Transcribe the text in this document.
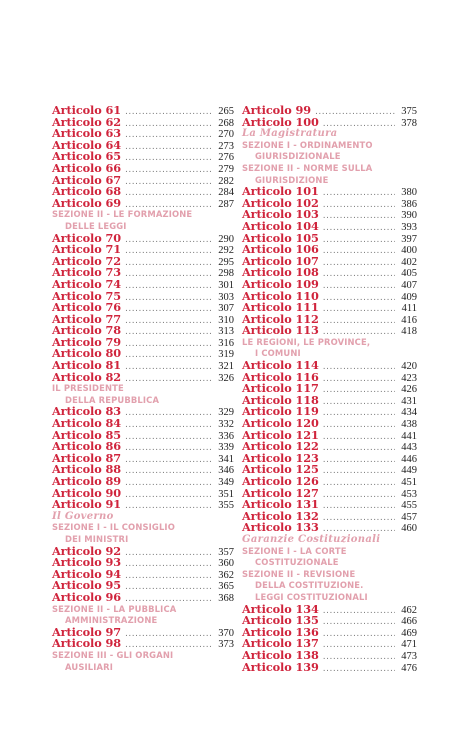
Articolo 61 .....	265
Articolo 62 .....	268
Articolo 63 .....	270
Articolo 64 .....	273
Articolo 65 .....	276
Articolo 66 .....	279
Articolo 67 .....	282
Articolo 68 .....	284
Articolo 69 .....	287
SEZIONE II - LE FORMAZIONE
DELLE LEGGI
Articolo 70 .....	290
Articolo 71 .....	292
Articolo 72 .....	295
Articolo 73 .....	298
Articolo 74 .....	301
Articolo 75 .....	303
Articolo 76 .....	307
Articolo 77 .....	310
Articolo 78 .....	313
Articolo 79 .....	316
Articolo 80 .....	319
Articolo 81 .....	321
Articolo 82 .....	326
IL PRESIDENTE
DELLA REPUBBLICA
Articolo 83 .....	329
Articolo 84 .....	332
Articolo 85 .....	336
Articolo 86 .....	339
Articolo 87 .....	341
Articolo 88 .....	346
Articolo 89 .....	349
Articolo 90 .....	351
Articolo 91 .....	355
Il Governo
SEZIONE I - IL CONSIGLIO
DEI MINISTRI
Articolo 92 .....	357
Articolo 93 .....	360
Articolo 94 .....	362
Articolo 95 .....	365
Articolo 96 .....	368
SEZIONE II - LA PUBBLICA
AMMINISTRAZIONE
Articolo 97 .....	370
Articolo 98 .....	373
SEZIONE III - GLI ORGANI
AUSILIARI
Articolo 99 .....	375
Articolo 100 .....	378
La Magistratura
SEZIONE I - ORDINAMENTO
GIURISDIZIONALE
SEZIONE II - NORME SULLA
GIURISDIZIONE
Articolo 101 .....	380
Articolo 102 .....	386
Articolo 103 .....	390
Articolo 104 .....	393
Articolo 105 .....	397
Articolo 106 .....	400
Articolo 107 .....	402
Articolo 108 .....	405
Articolo 109 .....	407
Articolo 110 .....	409
Articolo 111 .....	411
Articolo 112 .....	416
Articolo 113 .....	418
LE REGIONI, LE PROVINCE,
I COMUNI
Articolo 114 .....	420
Articolo 116 .....	423
Articolo 117 .....	426
Articolo 118 .....	431
Articolo 119 .....	434
Articolo 120 .....	438
Articolo 121 .....	441
Articolo 122 .....	443
Articolo 123 .....	446
Articolo 125 .....	449
Articolo 126 .....	451
Articolo 127 .....	453
Articolo 131 .....	455
Articolo 132 .....	457
Articolo 133 .....	460
Garanzie Costituzionali
SEZIONE I - LA CORTE
COSTITUZIONALE
SEZIONE II - REVISIONE
DELLA COSTITUZIONE.
LEGGI COSTITUZIONALI
Articolo 134 .....	462
Articolo 135 .....	466
Articolo 136 .....	469
Articolo 137 .....	471
Articolo 138 .....	473
Articolo 139 .....	476
